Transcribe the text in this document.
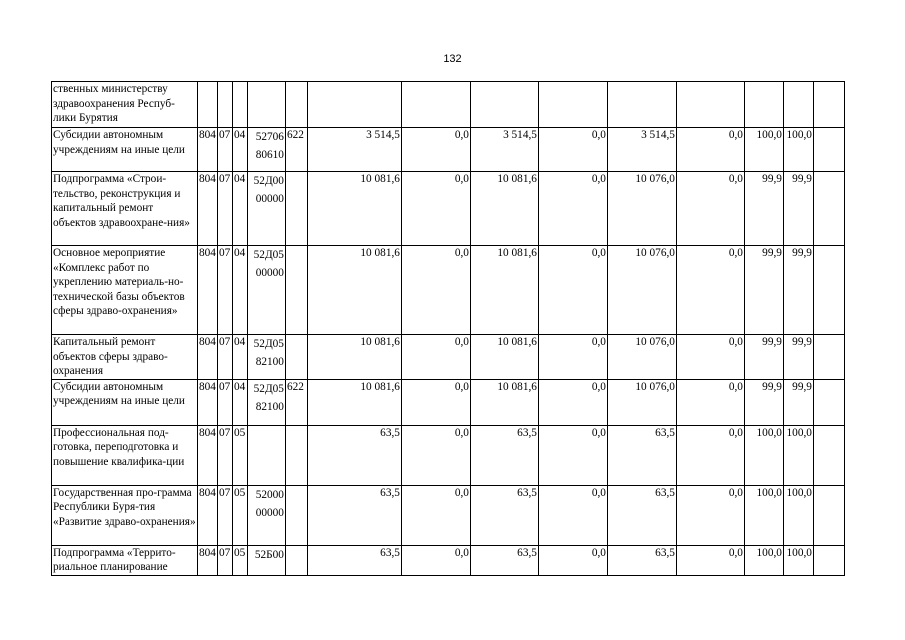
132
ственных министерству здравоохранения Респуб-лики Бурятия														
Субсидии автономным учреждениям на иные цели	804	07	04	52706 80610	622	3 514,5	0,0	3 514,5	0,0	3 514,5	0,0	100,0	100,0	
Подпрограмма «Строи-тельство, реконструкция и капитальный ремонт объектов здравоохране-ния»	804	07	04	52Д00 00000		10 081,6	0,0	10 081,6	0,0	10 076,0	0,0	99,9	99,9	
Основное мероприятие «Комплекс работ по укреплению материаль-но-технической базы объектов сферы здраво-охранения»	804	07	04	52Д05 00000		10 081,6	0,0	10 081,6	0,0	10 076,0	0,0	99,9	99,9	
Капитальный ремонт объектов сферы здраво-охранения	804	07	04	52Д05 82100		10 081,6	0,0	10 081,6	0,0	10 076,0	0,0	99,9	99,9	
Субсидии автономным учреждениям на иные цели	804	07	04	52Д05 82100	622	10 081,6	0,0	10 081,6	0,0	10 076,0	0,0	99,9	99,9	
Профессиональная под-готовка, переподготовка и повышение квалифика-ции	804	07	05			63,5	0,0	63,5	0,0	63,5	0,0	100,0	100,0	
Государственная про-грамма Республики Буря-тия «Развитие здраво-охранения»	804	07	05	52000 00000		63,5	0,0	63,5	0,0	63,5	0,0	100,0	100,0	
Подпрограмма «Террито-риальное планирование	804	07	05	52Б00		63,5	0,0	63,5	0,0	63,5	0,0	100,0	100,0	
